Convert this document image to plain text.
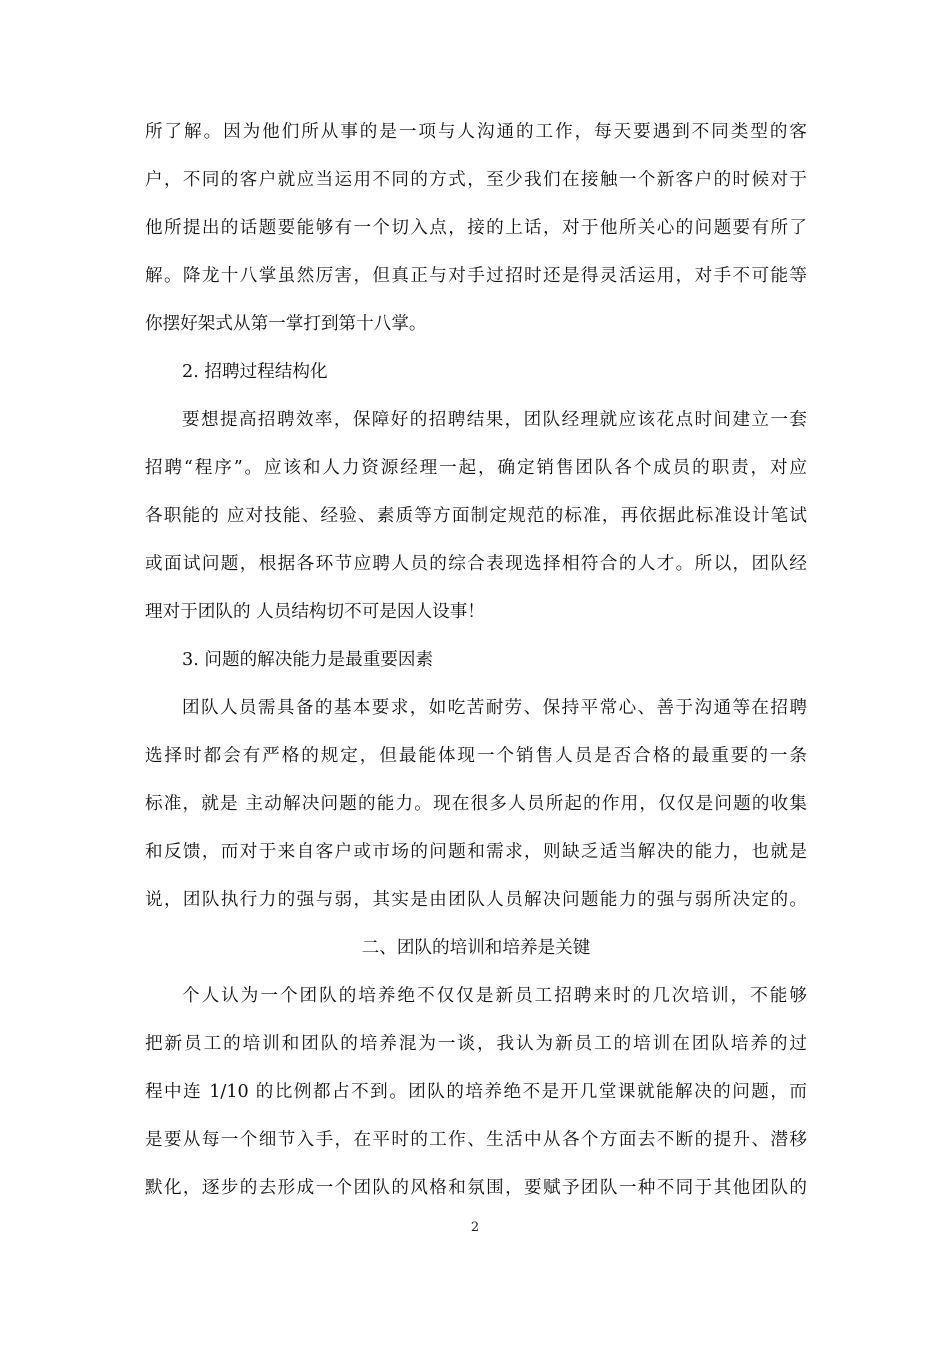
所了解。因为他们所从事的是一项与人沟通的工作，每天要遇到不同类型的客
户，不同的客户就应当运用不同的方式，至少我们在接触一个新客户的时候对于
他所提出的话题要能够有一个切入点，接的上话，对于他所关心的问题要有所了
解。降龙十八掌虽然厉害，但真正与对手过招时还是得灵活运用，对手不可能等
你摆好架式从第一掌打到第十八掌。
2. 招聘过程结构化
要想提高招聘效率，保障好的招聘结果，团队经理就应该花点时间建立一套
招聘“程序”。应该和人力资源经理一起，确定销售团队各个成员的职责，对应
各职能的 应对技能、经验、素质等方面制定规范的标准，再依据此标准设计笔试
或面试问题，根据各环节应聘人员的综合表现选择相符合的人才。所以，团队经
理对于团队的 人员结构切不可是因人设事！
3. 问题的解决能力是最重要因素
团队人员需具备的基本要求，如吃苦耐劳、保持平常心、善于沟通等在招聘
选择时都会有严格的规定，但最能体现一个销售人员是否合格的最重要的一条
标准，就是 主动解决问题的能力。现在很多人员所起的作用，仅仅是问题的收集
和反馈，而对于来自客户或市场的问题和需求，则缺乏适当解决的能力，也就是
说，团队执行力的强与弱，其实是由团队人员解决问题能力的强与弱所决定的。
二、团队的培训和培养是关键
个人认为一个团队的培养绝不仅仅是新员工招聘来时的几次培训，不能够
把新员工的培训和团队的培养混为一谈，我认为新员工的培训在团队培养的过
程中连 1/10 的比例都占不到。团队的培养绝不是开几堂课就能解决的问题，而
是要从每一个细节入手，在平时的工作、生活中从各个方面去不断的提升、潜移
默化，逐步的去形成一个团队的风格和氛围，要赋予团队一种不同于其他团队的
2
